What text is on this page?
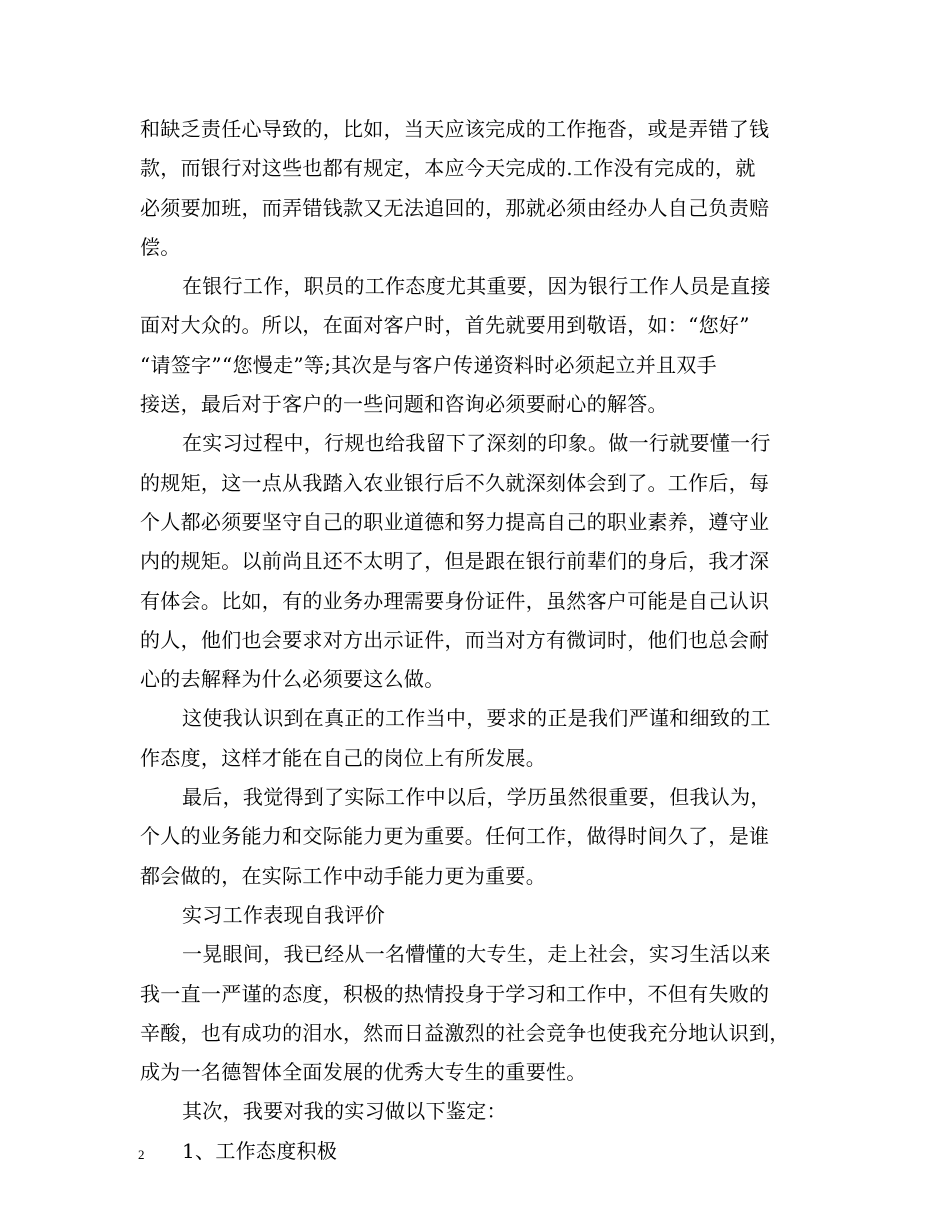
和缺乏责任心导致的，比如，当天应该完成的工作拖沓，或是弄错了钱
款，而银行对这些也都有规定，本应今天完成的.工作没有完成的，就
必须要加班，而弄错钱款又无法追回的，那就必须由经办人自己负责赔
偿。
在银行工作，职员的工作态度尤其重要，因为银行工作人员是直接
面对大众的。所以，在面对客户时，首先就要用到敬语，如：“您好”
“请签字”“您慢走”等;其次是与客户传递资料时必须起立并且双手
接送，最后对于客户的一些问题和咨询必须要耐心的解答。
在实习过程中，行规也给我留下了深刻的印象。做一行就要懂一行
的规矩，这一点从我踏入农业银行后不久就深刻体会到了。工作后，每
个人都必须要坚守自己的职业道德和努力提高自己的职业素养，遵守业
内的规矩。以前尚且还不太明了，但是跟在银行前辈们的身后，我才深
有体会。比如，有的业务办理需要身份证件，虽然客户可能是自己认识
的人，他们也会要求对方出示证件，而当对方有微词时，他们也总会耐
心的去解释为什么必须要这么做。
这使我认识到在真正的工作当中，要求的正是我们严谨和细致的工
作态度，这样才能在自己的岗位上有所发展。
最后，我觉得到了实际工作中以后，学历虽然很重要，但我认为，
个人的业务能力和交际能力更为重要。任何工作，做得时间久了，是谁
都会做的，在实际工作中动手能力更为重要。
实习工作表现自我评价
一晃眼间，我已经从一名懵懂的大专生，走上社会，实习生活以来
我一直一严谨的态度，积极的热情投身于学习和工作中，不但有失败的
辛酸，也有成功的泪水，然而日益激烈的社会竞争也使我充分地认识到，
成为一名德智体全面发展的优秀大专生的重要性。
其次，我要对我的实习做以下鉴定：
1、工作态度积极
2
